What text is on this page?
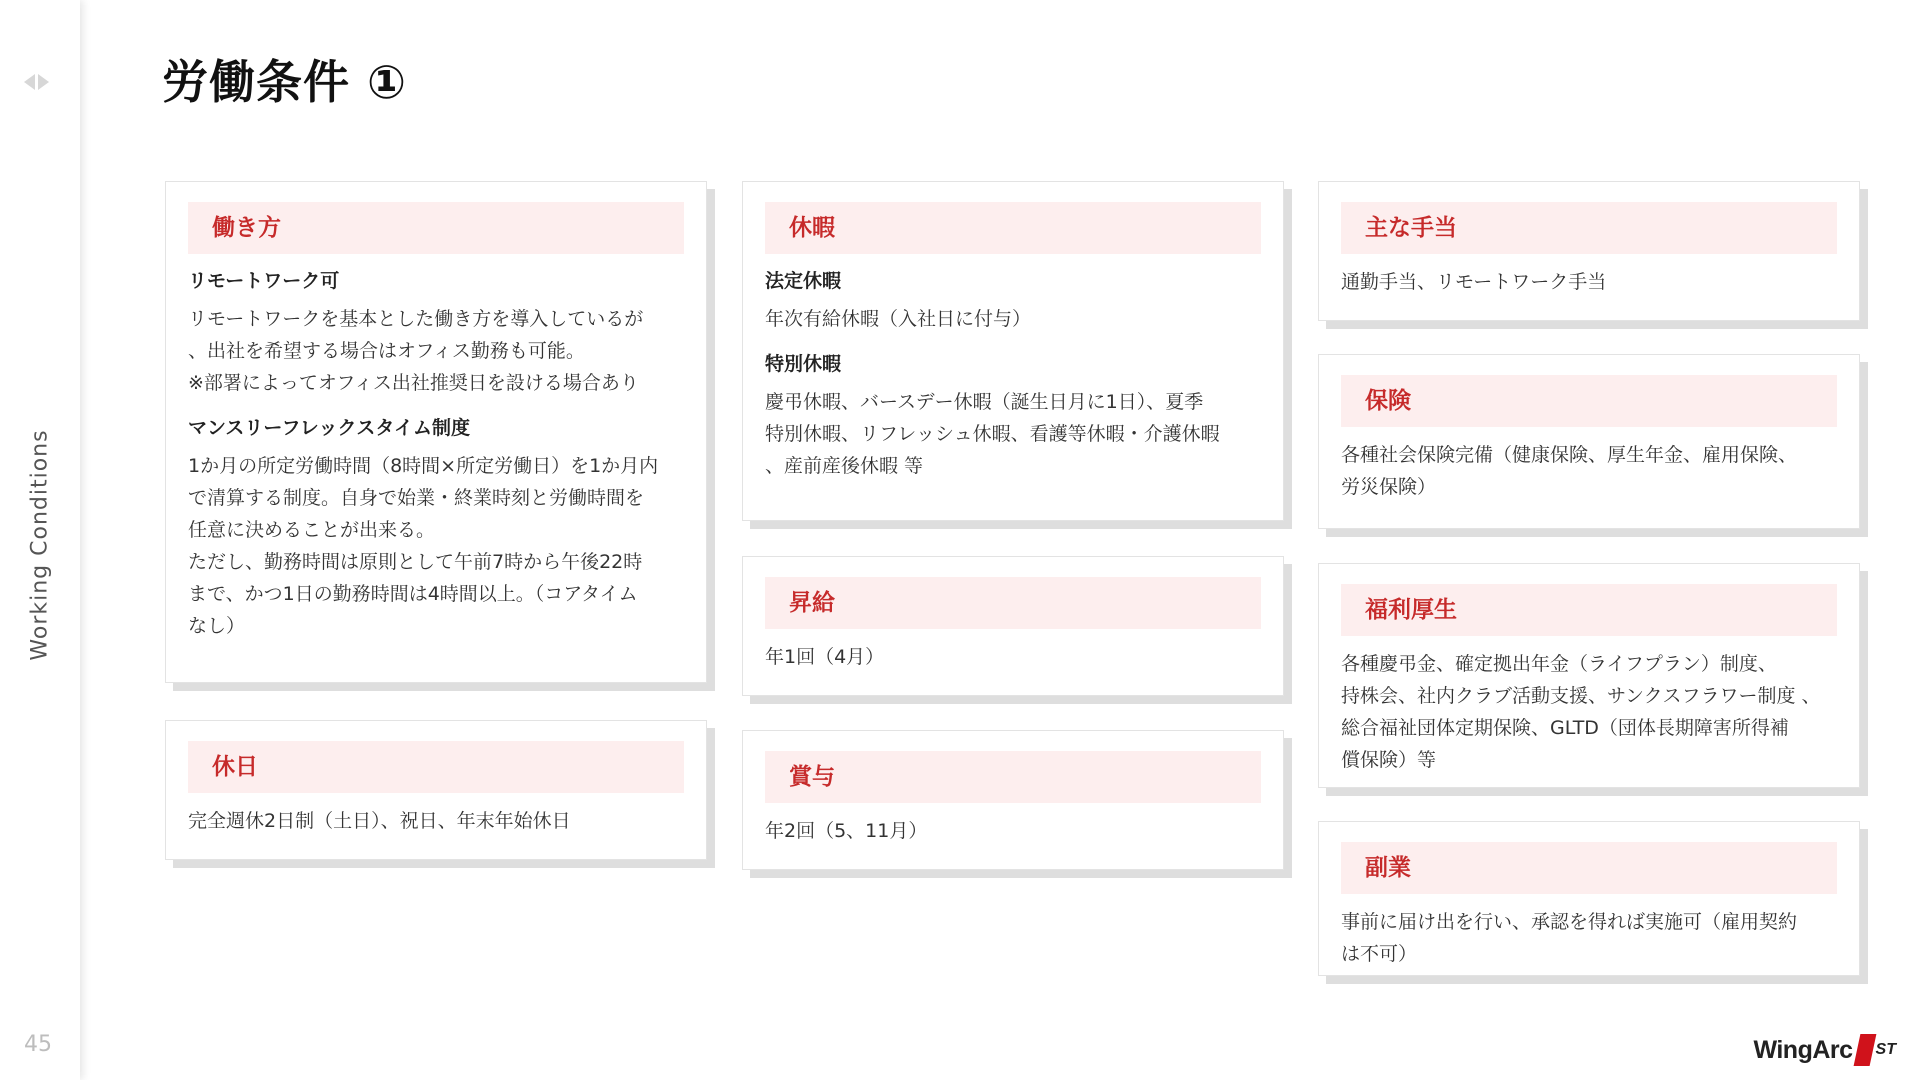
Working Conditions
45
労働条件 ①
働き方
リモートワーク可

リモートワークを基本とした働き方を導入しているが
、出社を希望する場合はオフィス勤務も可能。
※部署によってオフィス出社推奨日を設ける場合あり

マンスリーフレックスタイム制度

1か月の所定労働時間（8時間×所定労働日）を1か月内
で清算する制度。自身で始業・終業時刻と労働時間を
任意に決めることが出来る。
ただし、勤務時間は原則として午前7時から午後22時
まで、かつ1日の勤務時間は4時間以上。（コアタイム
なし）

休日

完全週休2日制（土日）、祝日、年末年始休日

休暇
法定休暇

年次有給休暇（入社日に付与）

特別休暇

慶弔休暇、バースデー休暇（誕生日月に1日）、夏季
特別休暇、リフレッシュ休暇、看護等休暇・介護休暇
、産前産後休暇 等

昇給

年1回（4月）

賞与

年2回（5、11月）

主な手当

通勤手当、リモートワーク手当

保険

各種社会保険完備（健康保険、厚生年金、雇用保険、
労災保険）

福利厚生

各種慶弔金、確定拠出年金（ライフプラン）制度、
持株会、社内クラブ活動支援、サンクスフラワー制度 、
総合福祉団体定期保険、GLTD（団体長期障害所得補
償保険）等

副業

事前に届け出を行い、承認を得れば実施可（雇用契約
は不可）

WingArc ST
